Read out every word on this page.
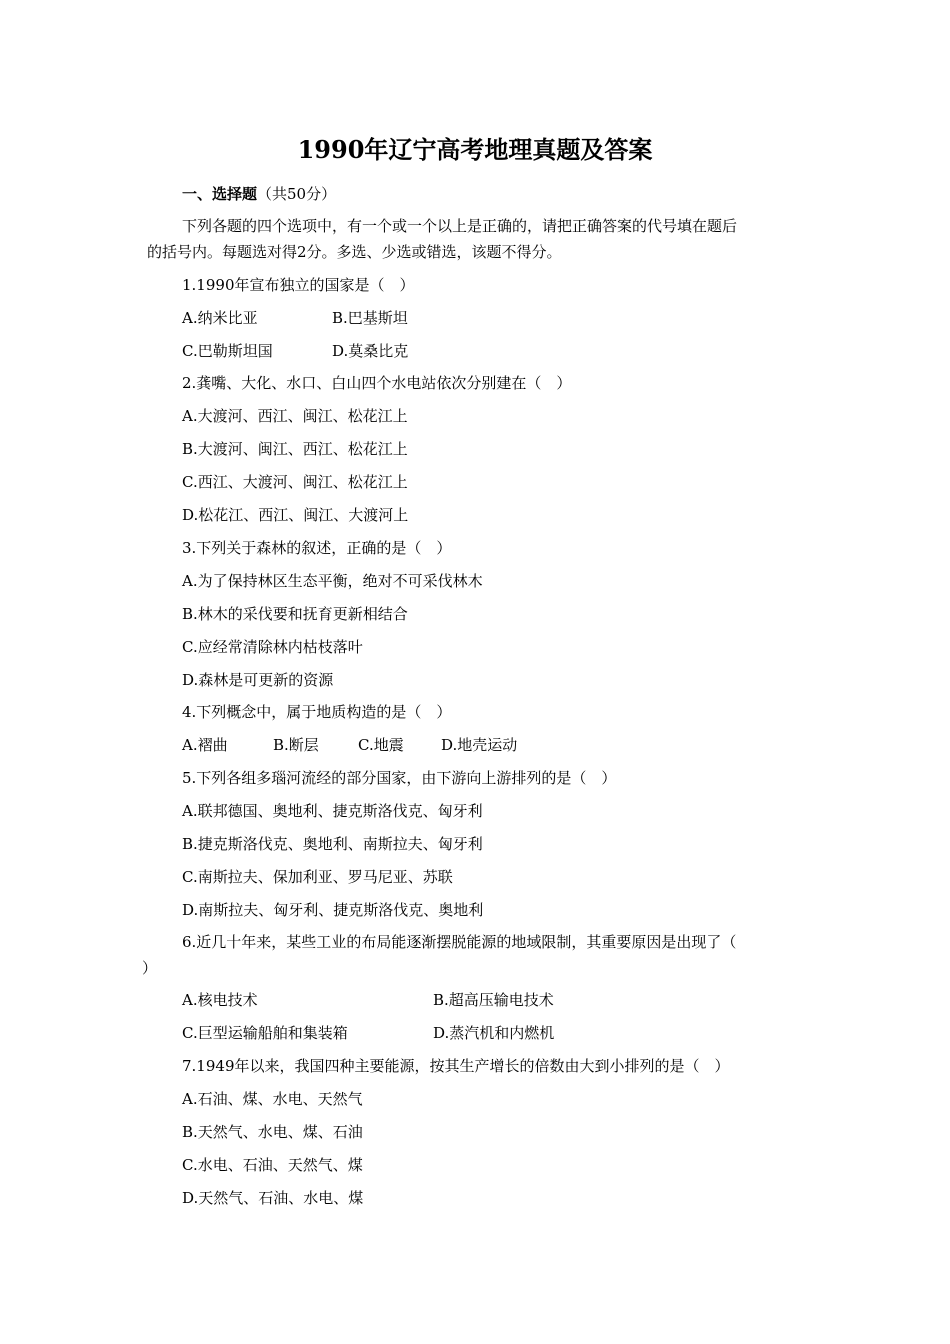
1990年辽宁高考地理真题及答案
一、选择题（共50分）
下列各题的四个选项中，有一个或一个以上是正确的，请把正确答案的代号填在题后
的括号内。每题选对得2分。多选、少选或错选，该题不得分。
1.1990年宣布独立的国家是（　）
A.纳米比亚	B.巴基斯坦
C.巴勒斯坦国	D.莫桑比克
2.龚嘴、大化、水口、白山四个水电站依次分别建在（　）
A.大渡河、西江、闽江、松花江上
B.大渡河、闽江、西江、松花江上
C.西江、大渡河、闽江、松花江上
D.松花江、西江、闽江、大渡河上
3.下列关于森林的叙述，正确的是（　）
A.为了保持林区生态平衡，绝对不可采伐林木
B.林木的采伐要和抚育更新相结合
C.应经常清除林内枯枝落叶
D.森林是可更新的资源
4.下列概念中，属于地质构造的是（　）
A.褶曲	B.断层	C.地震 D.地壳运动
5.下列各组多瑙河流经的部分国家，由下游向上游排列的是（　）
A.联邦德国、奥地利、捷克斯洛伐克、匈牙利
B.捷克斯洛伐克、奥地利、南斯拉夫、匈牙利
C.南斯拉夫、保加利亚、罗马尼亚、苏联
D.南斯拉夫、匈牙利、捷克斯洛伐克、奥地利
6.近几十年来，某些工业的布局能逐渐摆脱能源的地域限制，其重要原因是出现了（
）
A.核电技术	B.超高压输电技术
C.巨型运输船舶和集装箱	D.蒸汽机和内燃机
7.1949年以来，我国四种主要能源，按其生产增长的倍数由大到小排列的是（　）
A.石油、煤、水电、天然气
B.天然气、水电、煤、石油
C.水电、石油、天然气、煤
D.天然气、石油、水电、煤
